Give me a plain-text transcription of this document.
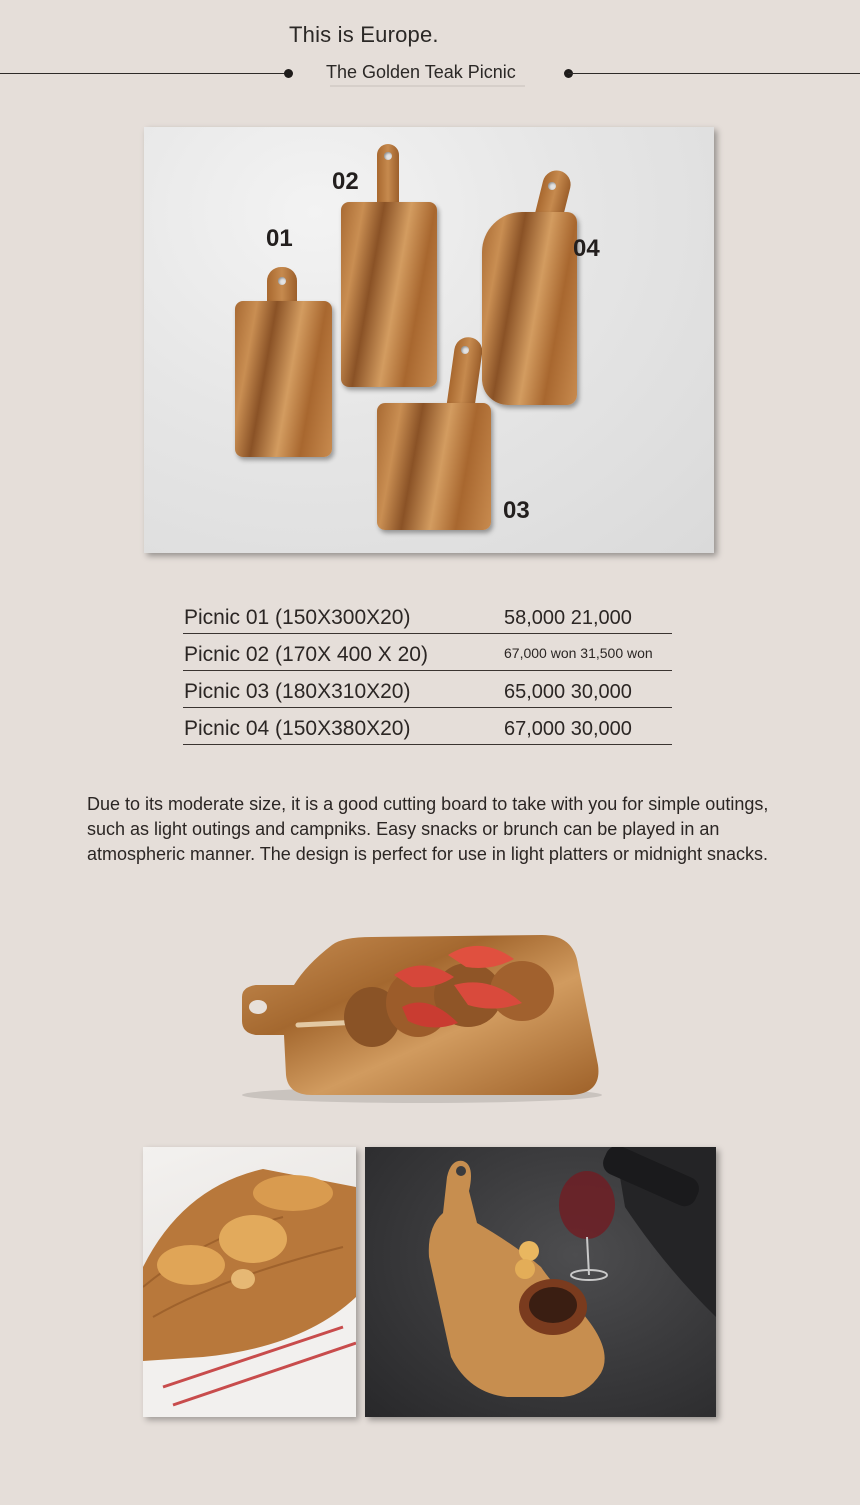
This is Europe.
The Golden Teak Picnic
01
02
03
04
Picnic 01 (150X300X20)	58,000 21,000
Picnic 02 (170X 400 X 20)	67,000 won 31,500 won
Picnic 03 (180X310X20)	65,000 30,000
Picnic 04 (150X380X20)	67,000 30,000
Due to its moderate size, it is a good cutting board to take with you for simple outings, such as light outings and campniks. Easy snacks or brunch can be played in an atmospheric manner. The design is perfect for use in light platters or midnight snacks.
